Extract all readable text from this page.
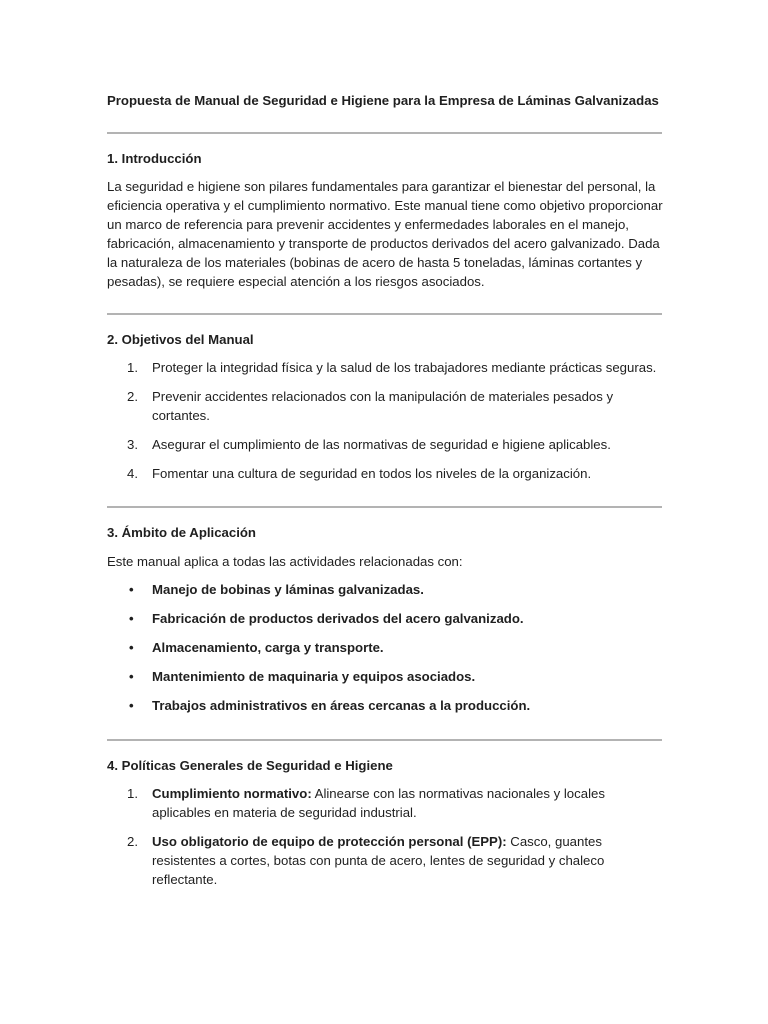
Propuesta de Manual de Seguridad e Higiene para la Empresa de Láminas Galvanizadas
1. Introducción

La seguridad e higiene son pilares fundamentales para garantizar el bienestar del personal, la eficiencia operativa y el cumplimiento normativo. Este manual tiene como objetivo proporcionar un marco de referencia para prevenir accidentes y enfermedades laborales en el manejo, fabricación, almacenamiento y transporte de productos derivados del acero galvanizado. Dada la naturaleza de los materiales (bobinas de acero de hasta 5 toneladas, láminas cortantes y pesadas), se requiere especial atención a los riesgos asociados.

2. Objetivos del Manual
1. Proteger la integridad física y la salud de los trabajadores mediante prácticas seguras.
2. Prevenir accidentes relacionados con la manipulación de materiales pesados y cortantes.
3. Asegurar el cumplimiento de las normativas de seguridad e higiene aplicables.
4. Fomentar una cultura de seguridad en todos los niveles de la organización.
3. Ámbito de Aplicación

Este manual aplica a todas las actividades relacionadas con:

• Manejo de bobinas y láminas galvanizadas.
• Fabricación de productos derivados del acero galvanizado.
• Almacenamiento, carga y transporte.
• Mantenimiento de maquinaria y equipos asociados.
• Trabajos administrativos en áreas cercanas a la producción.
4. Políticas Generales de Seguridad e Higiene
1. Cumplimiento normativo: Alinearse con las normativas nacionales y locales aplicables en materia de seguridad industrial.
2. Uso obligatorio de equipo de protección personal (EPP): Casco, guantes resistentes a cortes, botas con punta de acero, lentes de seguridad y chaleco reflectante.
